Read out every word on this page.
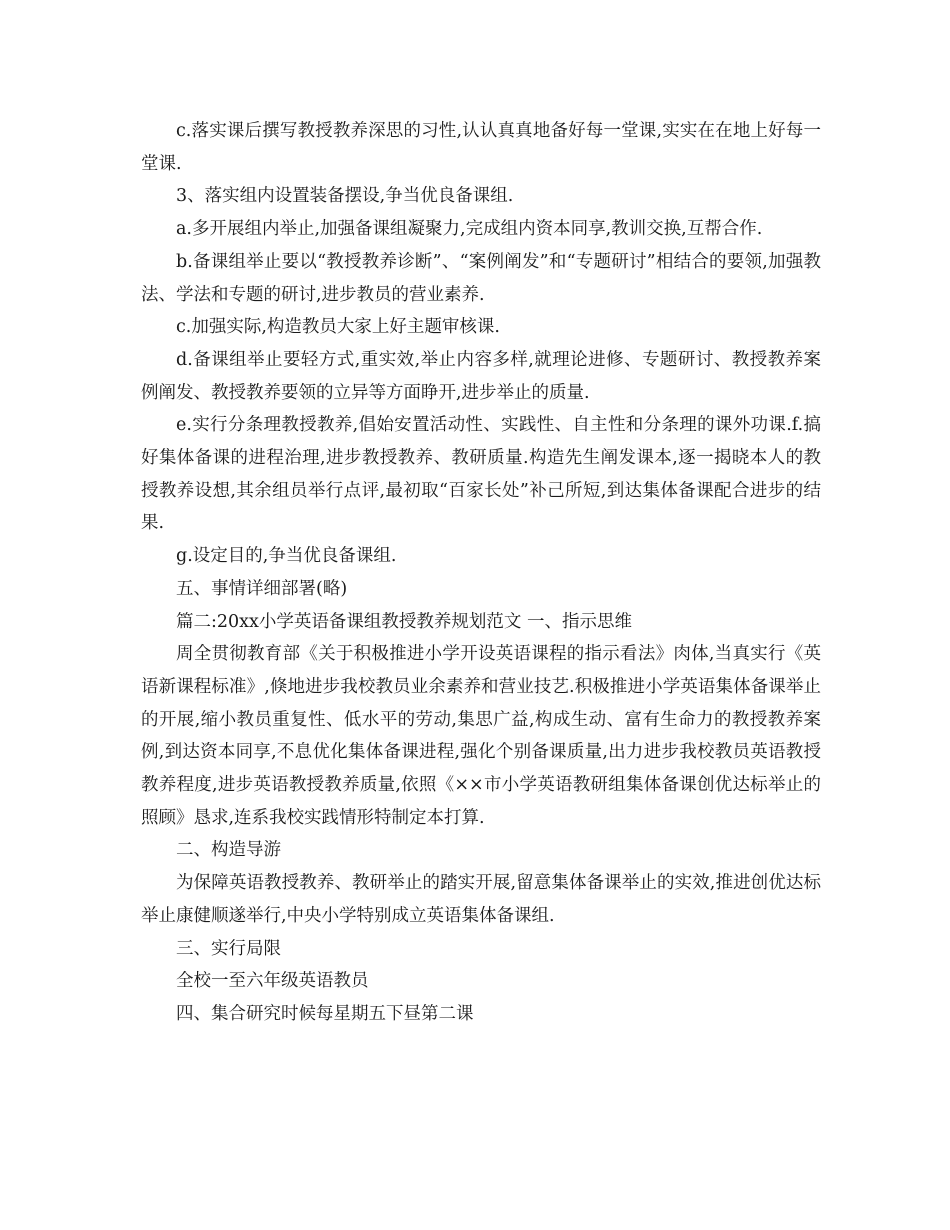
c.落实课后撰写教授教养深思的习性,认认真真地备好每一堂课,实实在在地上好每一堂课.

3、落实组内设置装备摆设,争当优良备课组.

a.多开展组内举止,加强备课组凝聚力,完成组内资本同享,教训交换,互帮合作.

b.备课组举止要以“教授教养诊断”、“案例阐发”和“专题研讨”相结合的要领,加强教法、学法和专题的研讨,进步教员的营业素养.

c.加强实际,构造教员大家上好主题审核课.

d.备课组举止要轻方式,重实效,举止内容多样,就理论进修、专题研讨、教授教养案例阐发、教授教养要领的立异等方面睁开,进步举止的质量.

e.实行分条理教授教养,倡始安置活动性、实践性、自主性和分条理的课外功课.f.搞好集体备课的进程治理,进步教授教养、教研质量.构造先生阐发课本,逐一揭晓本人的教授教养设想,其余组员举行点评,最初取“百家长处”补己所短,到达集体备课配合进步的结果.

g.设定目的,争当优良备课组.

五、事情详细部署(略)

篇二:20xx小学英语备课组教授教养规划范文 一、指示思维

周全贯彻教育部《关于积极推进小学开设英语课程的指示看法》肉体,当真实行《英语新课程标准》,倏地进步我校教员业余素养和营业技艺.积极推进小学英语集体备课举止的开展,缩小教员重复性、低水平的劳动,集思广益,构成生动、富有生命力的教授教养案例,到达资本同享,不息优化集体备课进程,强化个别备课质量,出力进步我校教员英语教授教养程度,进步英语教授教养质量,依照《××市小学英语教研组集体备课创优达标举止的照顾》恳求,连系我校实践情形特制定本打算.

二、构造导游

为保障英语教授教养、教研举止的踏实开展,留意集体备课举止的实效,推进创优达标举止康健顺遂举行,中央小学特别成立英语集体备课组.

三、实行局限

全校一至六年级英语教员

四、集合研究时候每星期五下昼第二课
